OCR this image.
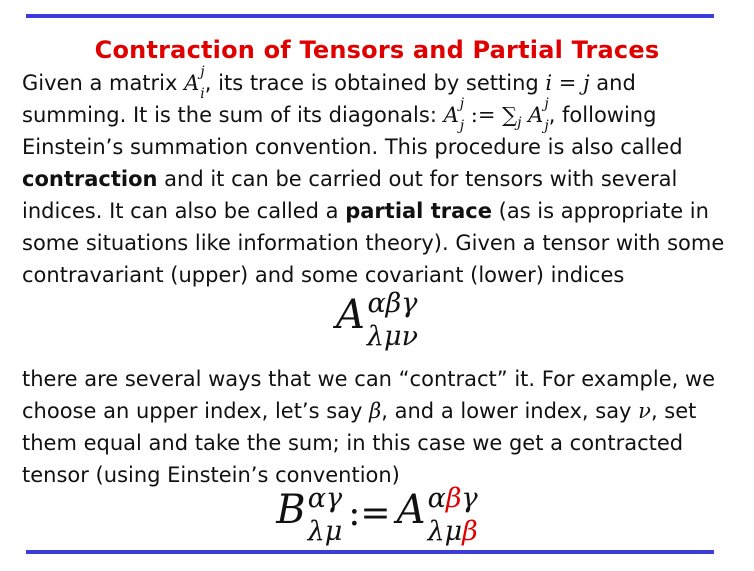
Contraction of Tensors and Partial Traces
Given a matrix A j
i , its trace is obtained by setting i = j and
summing. It is the sum of its diagonals: A j
j := $\sum_j$ A j
j , following
Einstein’s summation convention. This procedure is also called
contraction and it can be carried out for tensors with several
indices. It can also be called a partial trace (as is appropriate in
some situations like information theory). Given a tensor with some
contravariant (upper) and some covariant (lower) indices
A αβγ
λμν
there are several ways that we can “contract” it. For example, we
choose an upper index, let’s say β, and a lower index, say ν, set
them equal and take the sum; in this case we get a contracted
tensor (using Einstein’s convention)
B αγ
λμ := A αβγ
λμβ
